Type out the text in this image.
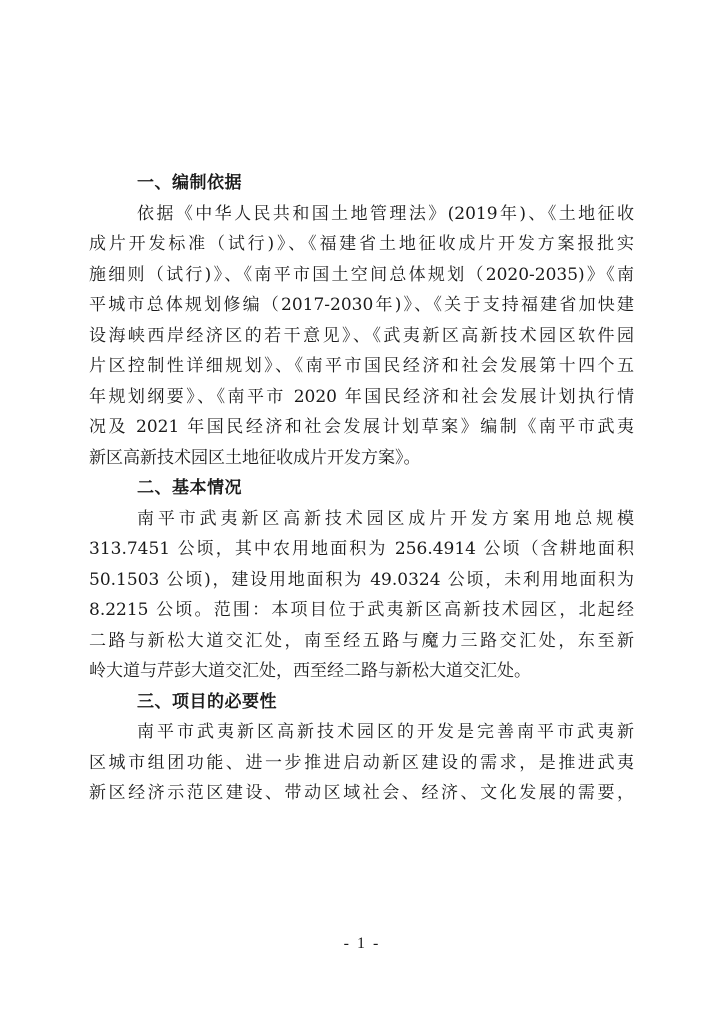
一、编制依据

依据《中华人民共和国土地管理法》(2019年)、《土地征收
成片开发标准（试行)》、《福建省土地征收成片开发方案报批实
施细则（试行)》、《南平市国土空间总体规划（2020-2035)》《南
平城市总体规划修编（2017-2030年)》、《关于支持福建省加快建
设海峡西岸经济区的若干意见》、《武夷新区高新技术园区软件园
片区控制性详细规划》、《南平市国民经济和社会发展第十四个五
年规划纲要》、《南平市 2020 年国民经济和社会发展计划执行情
况及 2021 年国民经济和社会发展计划草案》编制《南平市武夷
新区高新技术园区土地征收成片开发方案》。

二、基本情况

南平市武夷新区高新技术园区成片开发方案用地总规模
313.7451 公顷，其中农用地面积为 256.4914 公顷（含耕地面积
50.1503 公顷)，建设用地面积为 49.0324 公顷，未利用地面积为
8.2215 公顷。范围：本项目位于武夷新区高新技术园区，北起经
二路与新松大道交汇处，南至经五路与魔力三路交汇处，东至新
岭大道与芹彭大道交汇处，西至经二路与新松大道交汇处。

三、项目的必要性

南平市武夷新区高新技术园区的开发是完善南平市武夷新
区城市组团功能、进一步推进启动新区建设的需求，是推进武夷
新区经济示范区建设、带动区域社会、经济、文化发展的需要，

- 1 -
